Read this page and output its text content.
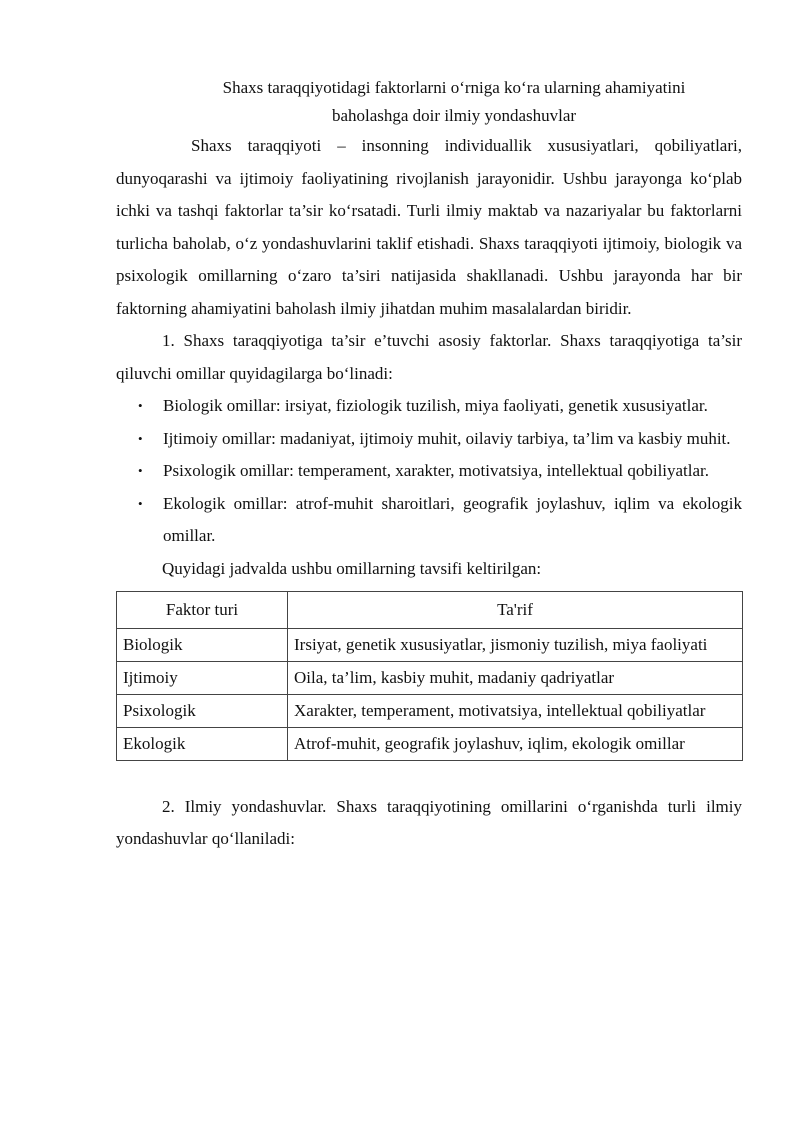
Shaxs taraqqiyotidagi faktorlarni o‘rniga ko‘ra ularning ahamiyatini
baholashga doir ilmiy yondashuvlar

Shaxs taraqqiyoti – insonning individuallik xususiyatlari, qobiliyatlari, dunyoqarashi va ijtimoiy faoliyatining rivojlanish jarayonidir. Ushbu jarayonga ko‘plab ichki va tashqi faktorlar ta’sir ko‘rsatadi. Turli ilmiy maktab va nazariyalar bu faktorlarni turlicha baholab, o‘z yondashuvlarini taklif etishadi. Shaxs taraqqiyoti ijtimoiy, biologik va psixologik omillarning o‘zaro ta’siri natijasida shakllanadi. Ushbu jarayonda har bir faktorning ahamiyatini baholash ilmiy jihatdan muhim masalalardan biridir.

1. Shaxs taraqqiyotiga ta’sir e’tuvchi asosiy faktorlar. Shaxs taraqqiyotiga ta’sir qiluvchi omillar quyidagilarga bo‘linadi:

• Biologik omillar: irsiyat, fiziologik tuzilish, miya faoliyati, genetik xususiyatlar.
• Ijtimoiy omillar: madaniyat, ijtimoiy muhit, oilaviy tarbiya, ta’lim va kasbiy muhit.
• Psixologik omillar: temperament, xarakter, motivatsiya, intellektual qobiliyatlar.
• Ekologik omillar: atrof-muhit sharoitlari, geografik joylashuv, iqlim va ekologik omillar.

Quyidagi jadvalda ushbu omillarning tavsifi keltirilgan:

Faktor turi	Ta'rif
Biologik	Irsiyat, genetik xususiyatlar, jismoniy tuzilish, miya faoliyati
Ijtimoiy	Oila, ta’lim, kasbiy muhit, madaniy qadriyatlar
Psixologik	Xarakter, temperament, motivatsiya, intellektual qobiliyatlar
Ekologik	Atrof-muhit, geografik joylashuv, iqlim, ekologik omillar

2. Ilmiy yondashuvlar. Shaxs taraqqiyotining omillarini o‘rganishda turli ilmiy yondashuvlar qo‘llaniladi:
